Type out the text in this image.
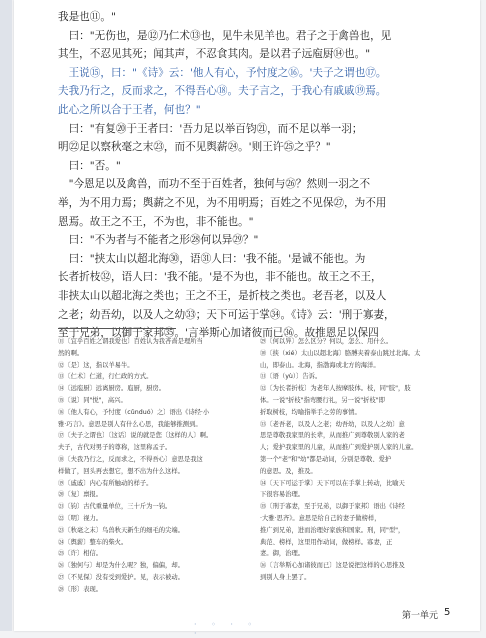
我是也⑪。"

曰："无伤也，是⑫乃仁术⑬也，见牛未见羊也。君子之于禽兽也，见

其生，不忍见其死；闻其声，不忍食其肉。是以君子远庖厨⑭也。"

王说⑮，曰："《诗》云：'他人有心，予忖度之⑯。'夫子之谓也⑰。

夫我乃行之，反而求之，不得吾心⑱。夫子言之，于我心有戚戚⑲焉。

此心之所以合于王者，何也？"

曰："有复⑳于王者曰：'吾力足以举百钧㉑，而不足以举一羽；

明㉒足以察秋毫之末㉓，而不见舆薪㉔。'则王许㉕之乎？"

曰："否。"

"今恩足以及禽兽，而功不至于百姓者，独何与㉖？然则一羽之不

举，为不用力焉；舆薪之不见，为不用明焉；百姓之不见保㉗，为不用

恩焉。故王之不王，不为也，非不能也。"

曰："不为者与不能者之形㉘何以异㉙？"

曰："挟太山以超北海㉚，语㉛人曰：'我不能。'是诚不能也。为

长者折枝㉜，语人曰：'我不能。'是不为也，非不能也。故王之不王，

非挟太山以超北海之类也；王之不王，是折枝之类也。老吾老，以及人

之老；幼吾幼，以及人之幼㉝；天下可运于掌㉞。《诗》云：'刑于寡妻，

至于兄弟，以御于家邦㉟。'言举斯心加诸彼而已㊱。故推恩足以保四

⑪〔宜乎百姓之谓我爱也〕百姓认为我吝啬是理所当
然的啊。
⑫〔是〕这，指以羊易牛。
⑬〔仁术〕仁道，行仁政的方式。
⑭〔远庖厨〕远离厨房。庖厨，厨房。
⑮〔说〕同"悦"，高兴。
⑯〔他人有心，予忖度（cǔnduó）之〕语出《诗经·小
雅·巧言》。意思是别人有什么心思，我能够推测到。
⑰〔夫子之谓也〕〔这话〕说的就是您〔这样的人〕啊。
夫子，古代对男子的尊称，这里称孟子。
⑱〔夫我乃行之，反而求之，不得吾心〕意思是我这
样做了，回头再去想它，想不出为什么这样。
⑲〔戚戚〕内心有所触动的样子。
⑳〔复〕禀报。
㉑〔钧〕古代重量单位，三十斤为一钧。
㉒〔明〕视力。
㉓〔秋毫之末〕鸟兽秋天新生的细毛的尖端。
㉔〔舆薪〕整车的柴火。
㉕〔许〕相信。
㉖〔独何与〕却是为什么呢？独，偏偏，却。
㉗〔不见保〕没有受到爱护。见，表示被动。
㉘〔形〕表现。
㉙〔何以异〕怎么区分？何以，怎么、用什么。
㉚〔挟（xié）太山以超北海〕胳膊夹着泰山跳过北海。太
山，即泰山。北海，指渤海或北方的海洋。
㉛〔语（yù）〕告诉。
㉜〔为长者折枝〕为老年人按摩肢体。枝，同"肢"，肢
体。一说"折枝"指弯腰行礼，另一说"折枝"即
折取树枝，均喻指举手之劳的事情。
㉝〔老吾老，以及人之老；幼吾幼，以及人之幼〕意
思是尊敬我家里的长辈，从而推广到尊敬别人家的老
人；爱护我家里的儿童，从而推广到爱护别人家的儿童。
第一个"老"和"幼"都是动词，分别是尊敬、爱护
的意思。及，推及。
㉞〔天下可运于掌〕天下可以在手掌上转动，比喻天
下很容易治理。
㉟〔刑于寡妻，至于兄弟，以御于家邦〕语出《诗经
·大雅·思齐》。意思是给自己的妻子做榜样，
推广到兄弟，进而治理好家族和国家。刑，同"型"，
典范、榜样，这里用作动词，做榜样。寡妻，正
妻。御，治理。
㊱〔言举斯心加诸彼而已〕这是说把这样的心思推及
到别人身上罢了。
第一单元 5
· ◦ · ◦ ·
